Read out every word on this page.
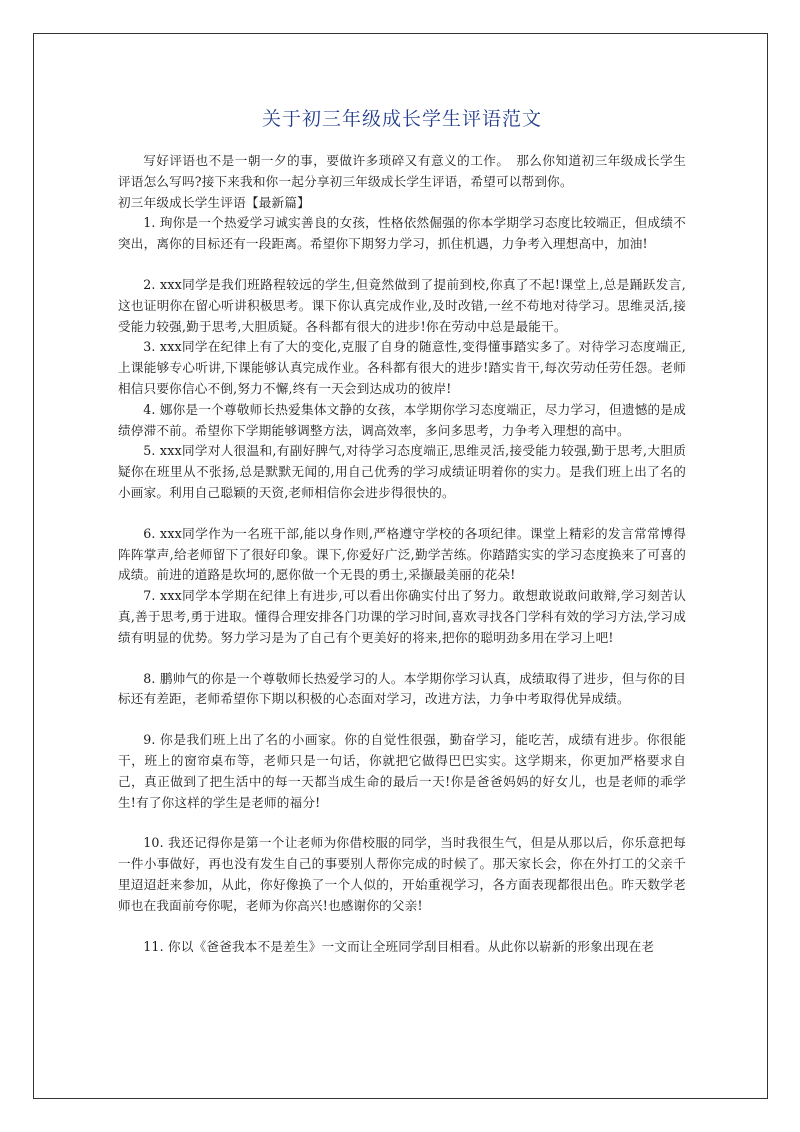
关于初三年级成长学生评语范文

写好评语也不是一朝一夕的事，要做许多琐碎又有意义的工作。　那么你知道初三年级成长学生评语怎么写吗?接下来我和你一起分享初三年级成长学生评语，希望可以帮到你。

初三年级成长学生评语【最新篇】

1. 珣你是一个热爱学习诚实善良的女孩，性格依然倔强的你本学期学习态度比较端正，但成绩不突出，离你的目标还有一段距离。希望你下期努力学习，抓住机遇，力争考入理想高中，加油!

2. xxx同学是我们班路程较远的学生,但竟然做到了提前到校,你真了不起!课堂上,总是踊跃发言,这也证明你在留心听讲积极思考。课下你认真完成作业,及时改错,一丝不苟地对待学习。思维灵活,接受能力较强,勤于思考,大胆质疑。各科都有很大的进步!你在劳动中总是最能干。

3. xxx同学在纪律上有了大的变化,克服了自身的随意性,变得懂事踏实多了。对待学习态度端正,上课能够专心听讲,下课能够认真完成作业。各科都有很大的进步!踏实肯干,每次劳动任劳任怨。老师相信只要你信心不倒,努力不懈,终有一天会到达成功的彼岸!

4. 娜你是一个尊敬师长热爱集体文静的女孩，本学期你学习态度端正，尽力学习，但遗憾的是成绩停滞不前。希望你下学期能够调整方法，调高效率，多问多思考，力争考入理想的高中。

5. xxx同学对人很温和,有副好脾气,对待学习态度端正,思维灵活,接受能力较强,勤于思考,大胆质疑你在班里从不张扬,总是默默无闻的,用自己优秀的学习成绩证明着你的实力。是我们班上出了名的小画家。利用自己聪颖的天资,老师相信你会进步得很快的。

6. xxx同学作为一名班干部,能以身作则,严格遵守学校的各项纪律。课堂上精彩的发言常常博得阵阵掌声,给老师留下了很好印象。课下,你爱好广泛,勤学苦练。你踏踏实实的学习态度换来了可喜的成绩。前进的道路是坎坷的,愿你做一个无畏的勇士,采撷最美丽的花朵!

7. xxx同学本学期在纪律上有进步,可以看出你确实付出了努力。敢想敢说敢问敢辩,学习刻苦认真,善于思考,勇于进取。懂得合理安排各门功课的学习时间,喜欢寻找各门学科有效的学习方法,学习成绩有明显的优势。努力学习是为了自己有个更美好的将来,把你的聪明劲多用在学习上吧!

8. 鹏帅气的你是一个尊敬师长热爱学习的人。本学期你学习认真，成绩取得了进步，但与你的目标还有差距，老师希望你下期以积极的心态面对学习，改进方法，力争中考取得优异成绩。

9. 你是我们班上出了名的小画家。你的自觉性很强，勤奋学习，能吃苦，成绩有进步。你很能干，班上的窗帘桌布等，老师只是一句话，你就把它做得巴巴实实。这学期来，你更加严格要求自己，真正做到了把生活中的每一天都当成生命的最后一天!你是爸爸妈妈的好女儿，也是老师的乖学生!有了你这样的学生是老师的福分!

10. 我还记得你是第一个让老师为你借校服的同学，当时我很生气，但是从那以后，你乐意把每一件小事做好，再也没有发生自己的事要别人帮你完成的时候了。那天家长会，你在外打工的父亲千里迢迢赶来参加，从此，你好像换了一个人似的，开始重视学习，各方面表现都很出色。昨天数学老师也在我面前夸你呢，老师为你高兴!也感谢你的父亲!

11. 你以《爸爸我本不是差生》一文而让全班同学刮目相看。从此你以崭新的形象出现在老
